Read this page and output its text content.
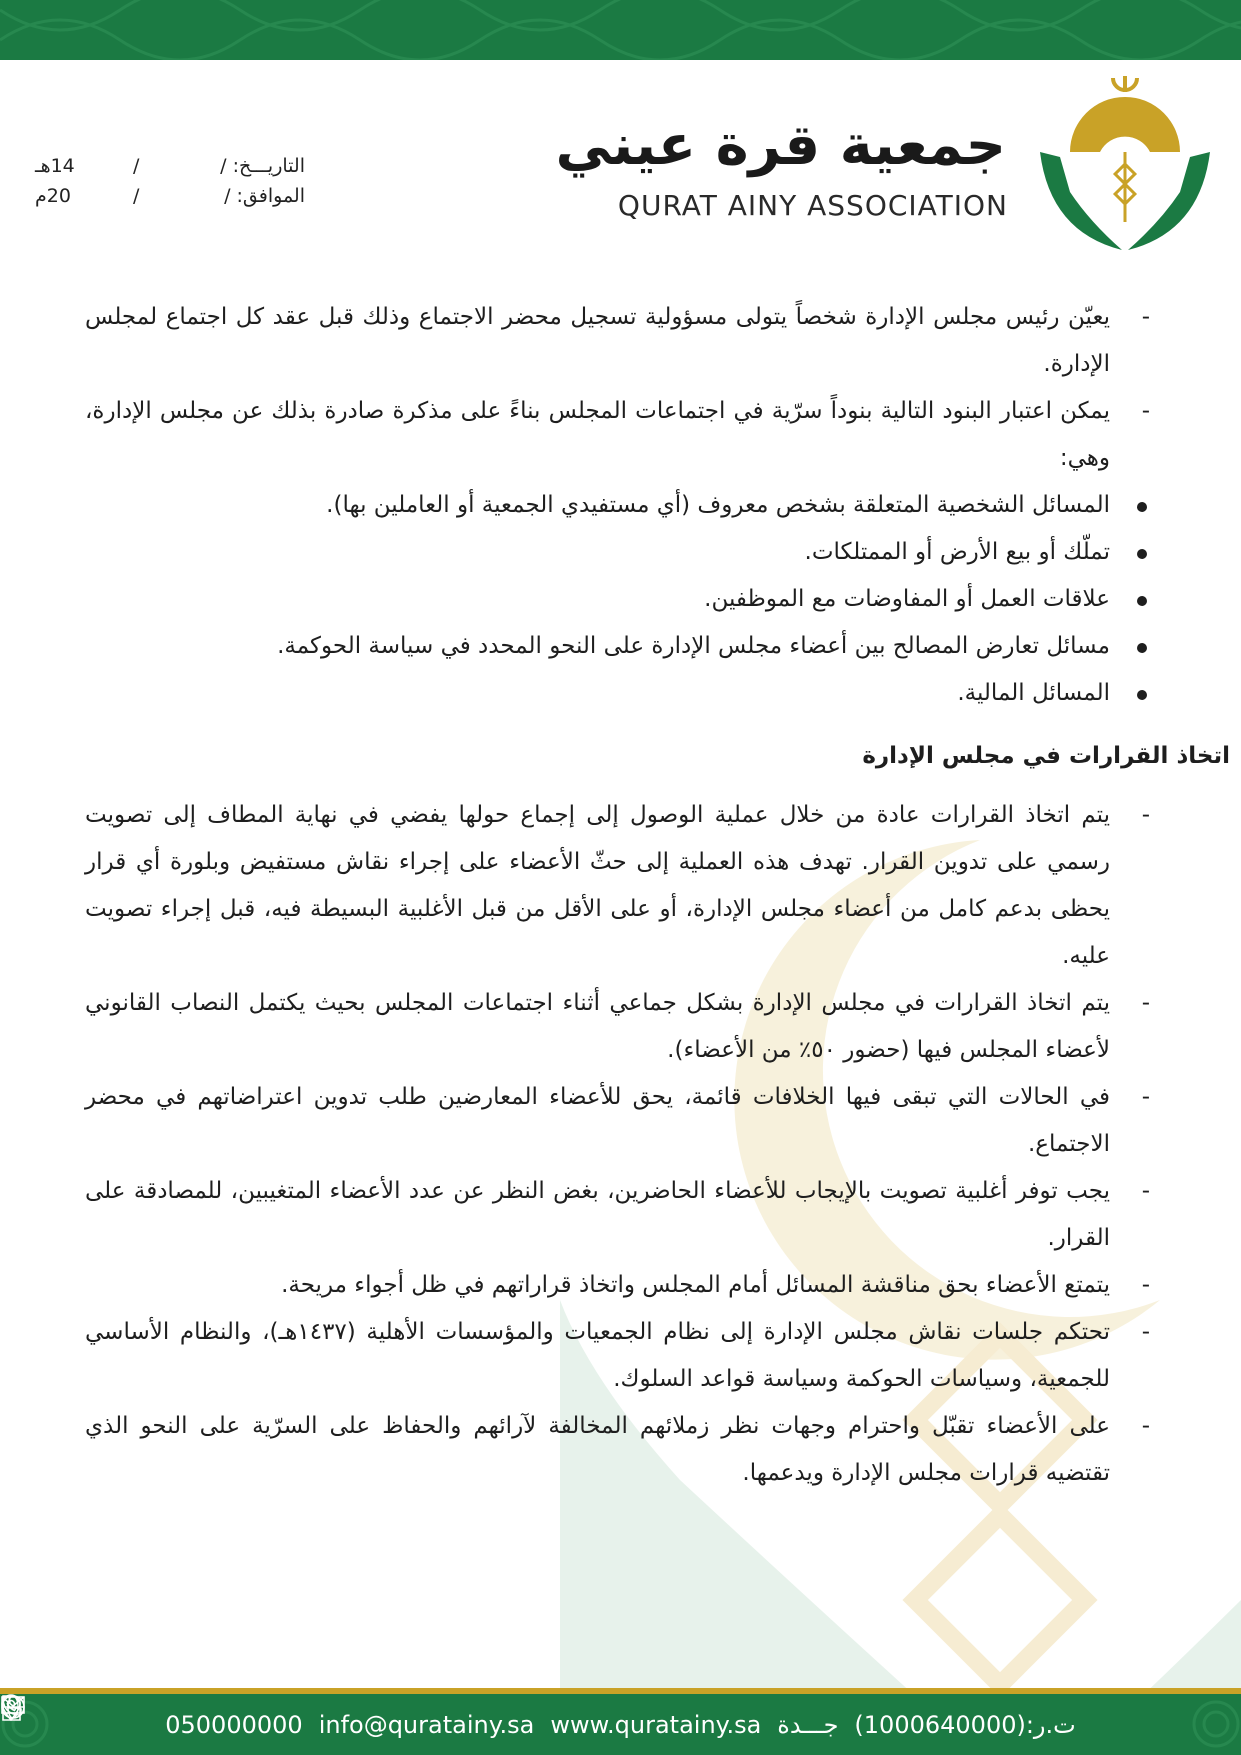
جمعية قرة عيني
QURAT AINY ASSOCIATION
التاريـــخ: /
/
14هـ
الموافق: /
/
20م
-
يعيّن رئيس مجلس الإدارة شخصاً يتولى مسؤولية تسجيل محضر الاجتماع وذلك قبل عقد كل اجتماع لمجلس الإدارة.
-
يمكن اعتبار البنود التالية بنوداً سرّية في اجتماعات المجلس بناءً على مذكرة صادرة بذلك عن مجلس الإدارة، وهي:
المسائل الشخصية المتعلقة بشخص معروف (أي مستفيدي الجمعية أو العاملين بها).
تملّك أو بيع الأرض أو الممتلكات.
علاقات العمل أو المفاوضات مع الموظفين.
مسائل تعارض المصالح بين أعضاء مجلس الإدارة على النحو المحدد في سياسة الحوكمة.
المسائل المالية.
اتخاذ القرارات في مجلس الإدارة
-
يتم اتخاذ القرارات عادة من خلال عملية الوصول إلى إجماع حولها يفضي في نهاية المطاف إلى تصويت رسمي على تدوين القرار. تهدف هذه العملية إلى حثّ الأعضاء على إجراء نقاش مستفيض وبلورة أي قرار يحظى بدعم كامل من أعضاء مجلس الإدارة، أو على الأقل من قبل الأغلبية البسيطة فيه، قبل إجراء تصويت عليه.
-
يتم اتخاذ القرارات في مجلس الإدارة بشكل جماعي أثناء اجتماعات المجلس بحيث يكتمل النصاب القانوني لأعضاء المجلس فيها (حضور ٥٠٪ من الأعضاء).
-
في الحالات التي تبقى فيها الخلافات قائمة، يحق للأعضاء المعارضين طلب تدوين اعتراضاتهم في محضر الاجتماع.
-
يجب توفر أغلبية تصويت بالإيجاب للأعضاء الحاضرين، بغض النظر عن عدد الأعضاء المتغيبين، للمصادقة على القرار.
-
يتمتع الأعضاء بحق مناقشة المسائل أمام المجلس واتخاذ قراراتهم في ظل أجواء مريحة.
-
تحتكم جلسات نقاش مجلس الإدارة إلى نظام الجمعيات والمؤسسات الأهلية (١٤٣٧هـ)، والنظام الأساسي للجمعية، وسياسات الحوكمة وسياسة قواعد السلوك.
-
على الأعضاء تقبّل واحترام وجهات نظر زملائهم المخالفة لآرائهم والحفاظ على السرّية على النحو الذي تقتضيه قرارات مجلس الإدارة ويدعمها.
050000000 info@quratainy.sa www.quratainy.sa جـــدة ت.ر:(1000640000)
